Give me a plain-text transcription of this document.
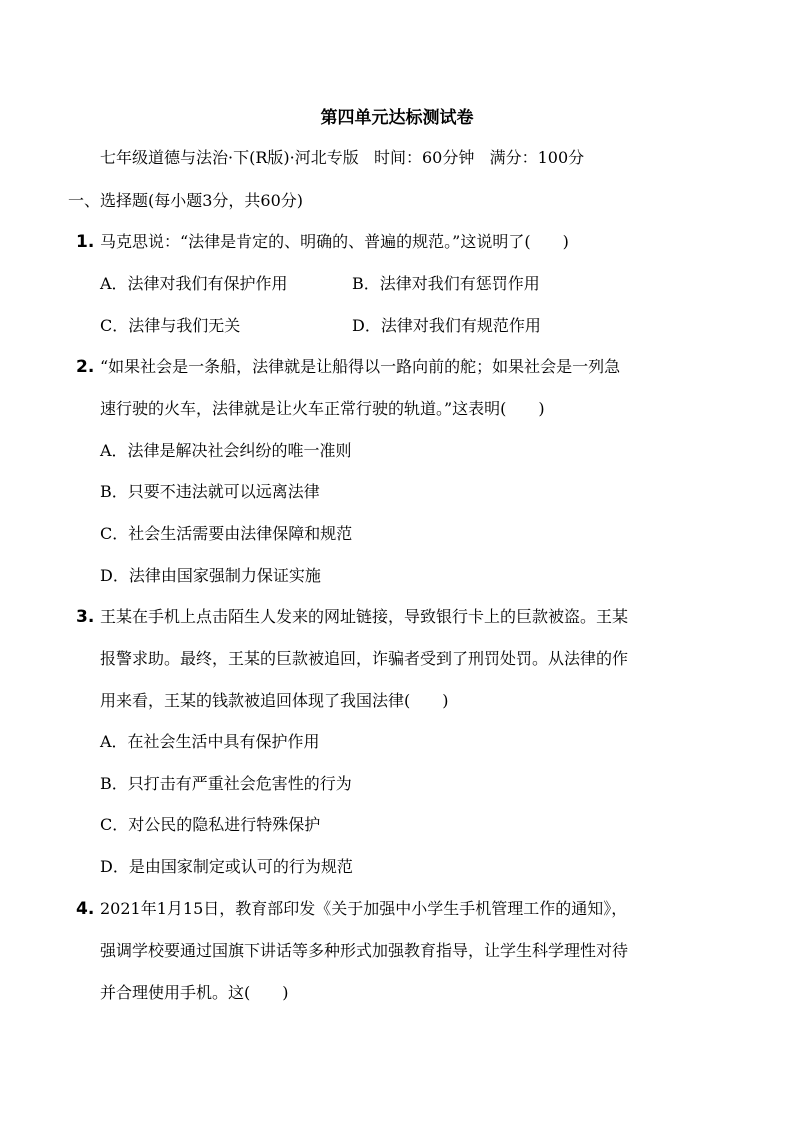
第四单元达标测试卷
七年级道德与法治·下(R版)·河北专版   时间：60分钟   满分：100分
一、选择题(每小题3分，共60分)
1. 马克思说：“法律是肯定的、明确的、普遍的规范。”这说明了(　　)
A．法律对我们有保护作用	B．法律对我们有惩罚作用
C．法律与我们无关	D．法律对我们有规范作用
2. “如果社会是一条船，法律就是让船得以一路向前的舵；如果社会是一列急
速行驶的火车，法律就是让火车正常行驶的轨道。”这表明(　　)
A．法律是解决社会纠纷的唯一准则
B．只要不违法就可以远离法律
C．社会生活需要由法律保障和规范
D．法律由国家强制力保证实施
3. 王某在手机上点击陌生人发来的网址链接，导致银行卡上的巨款被盗。王某
报警求助。最终，王某的巨款被追回，诈骗者受到了刑罚处罚。从法律的作
用来看，王某的钱款被追回体现了我国法律(　　)
A．在社会生活中具有保护作用
B．只打击有严重社会危害性的行为
C．对公民的隐私进行特殊保护
D．是由国家制定或认可的行为规范
4. 2021年1月15日，教育部印发《关于加强中小学生手机管理工作的通知》，
强调学校要通过国旗下讲话等多种形式加强教育指导，让学生科学理性对待
并合理使用手机。这(　　)
